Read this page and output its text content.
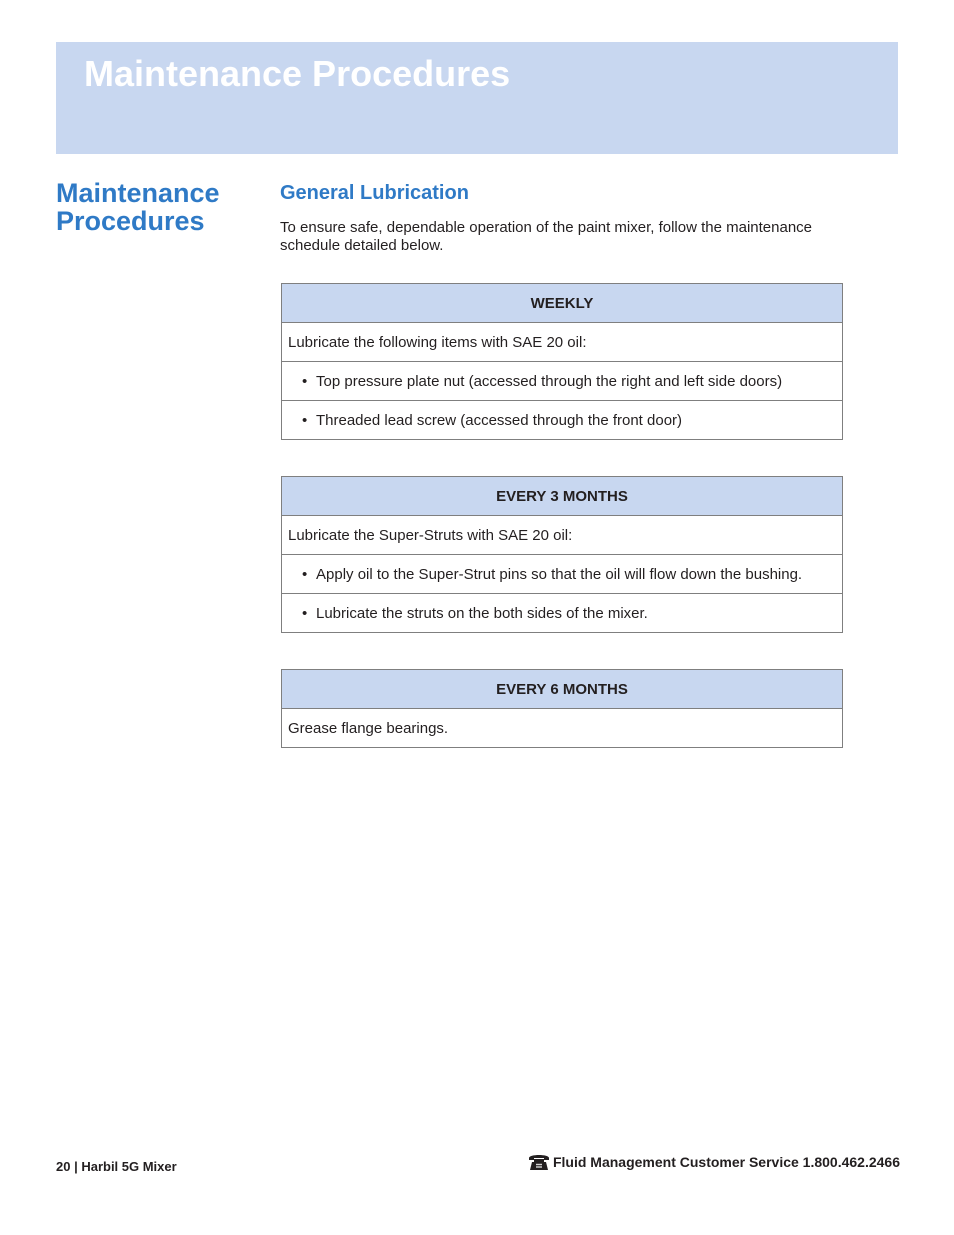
Maintenance Procedures
Maintenance Procedures
General Lubrication

To ensure safe, dependable operation of the paint mixer, follow the maintenance schedule detailed below.

WEEKLY
Lubricate the following items with SAE 20 oil:
• Top pressure plate nut (accessed through the right and left side doors)
• Threaded lead screw (accessed through the front door)
EVERY 3 MONTHS
Lubricate the Super-Struts with SAE 20 oil:
• Apply oil to the Super-Strut pins so that the oil will flow down the bushing.
• Lubricate the struts on the both sides of the mixer.
EVERY 6 MONTHS
Grease flange bearings.
20 | Harbil 5G Mixer	Fluid Management Customer Service 1.800.462.2466
